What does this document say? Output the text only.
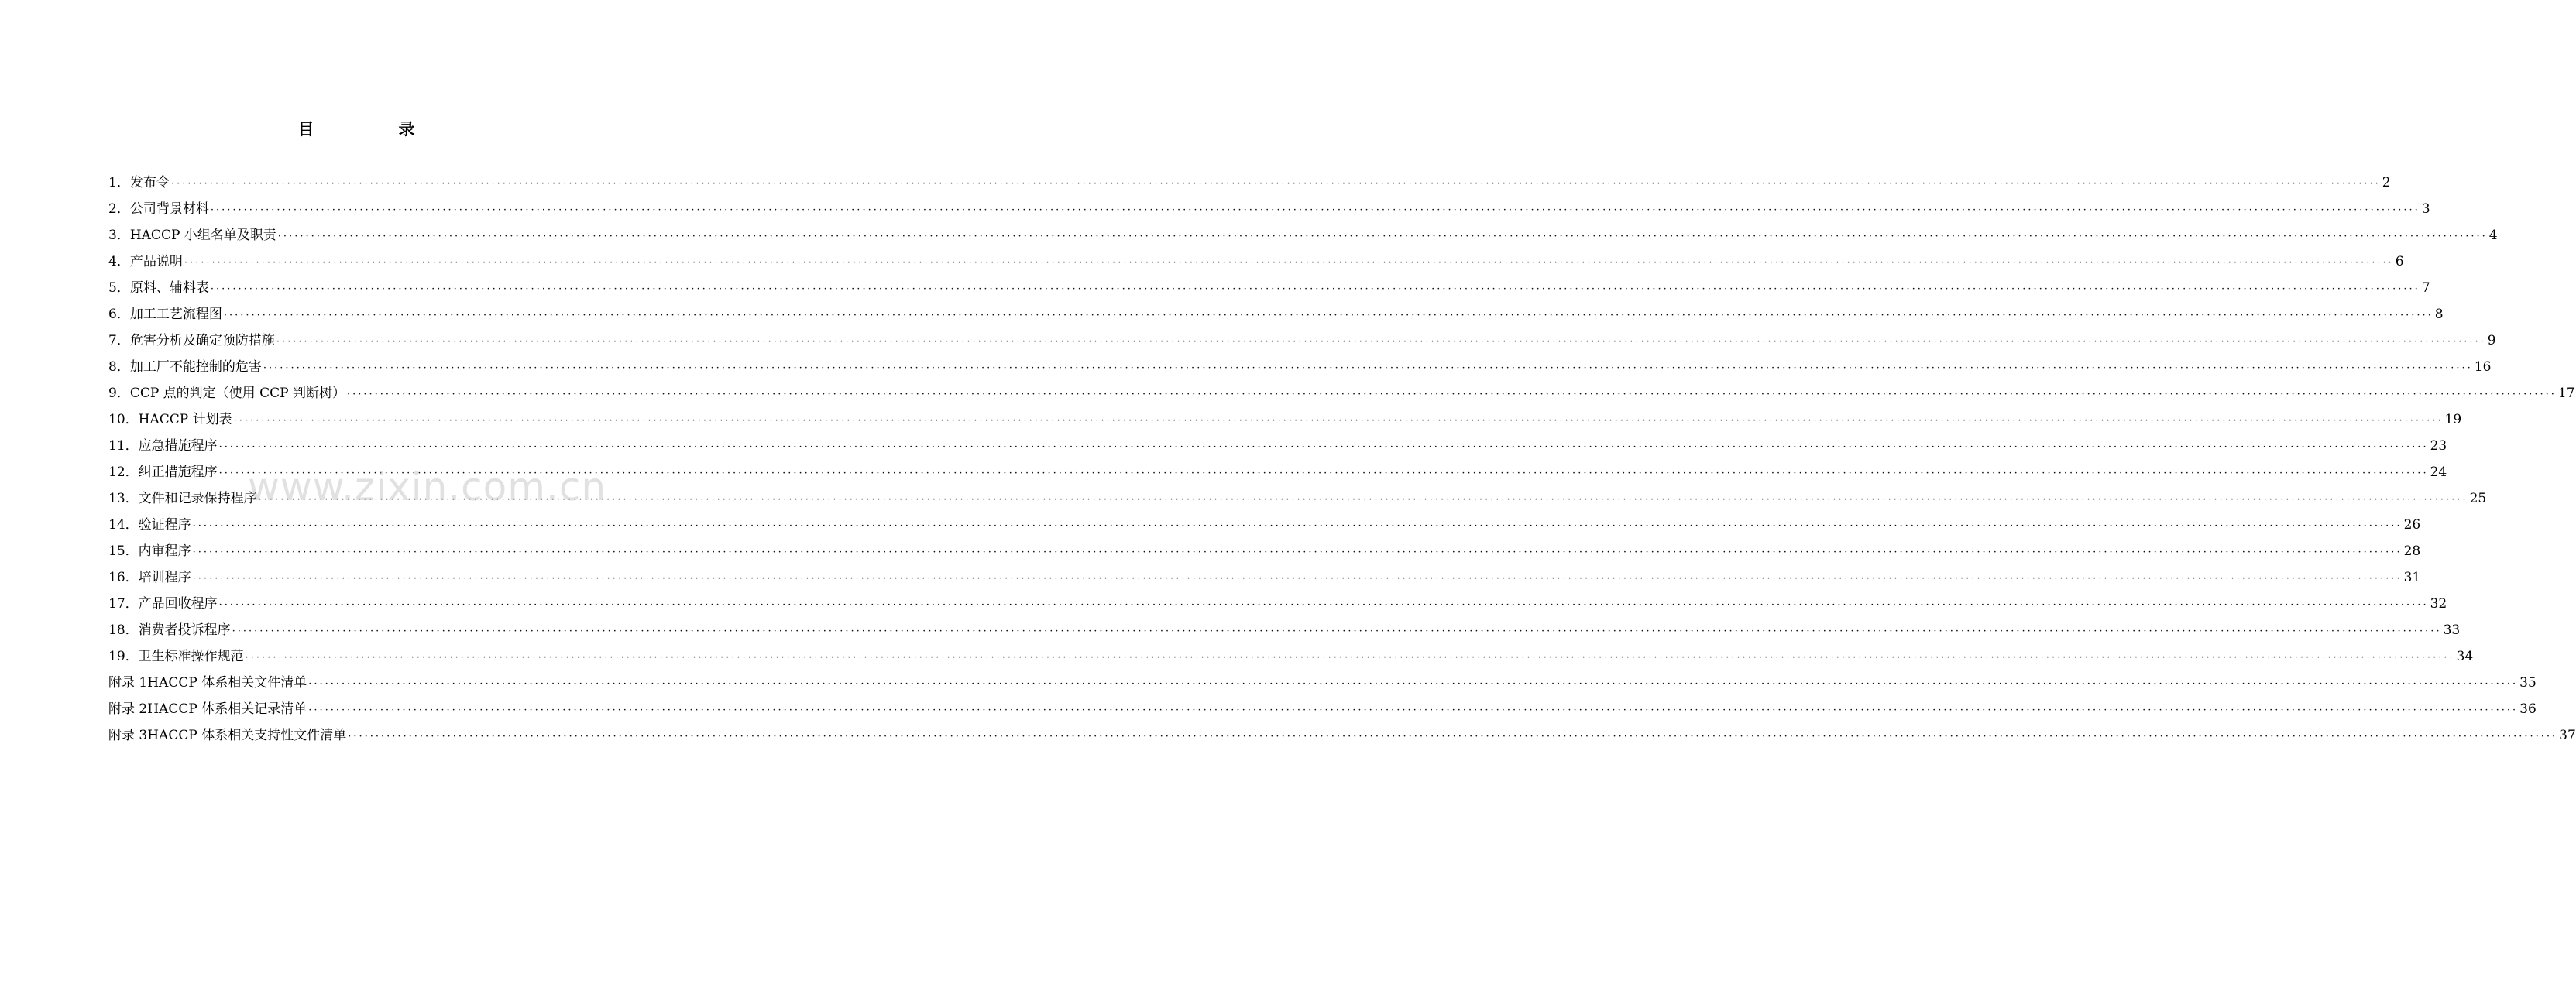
目　录
1． 发布令 ················································································································································································································································································································································································································ 2
2． 公司背景材料 ················································································································································································································································································································································································································ 3
3． HACCP 小组名单及职责 ················································································································································································································································································································································································································ 4
4． 产品说明 ················································································································································································································································································································································································································ 6
5． 原料、辅料表 ················································································································································································································································································································································································································ 7
6． 加工工艺流程图 ················································································································································································································································································································································································································ 8
7． 危害分析及确定预防措施 ················································································································································································································································································································································································································ 9
8． 加工厂不能控制的危害 ················································································································································································································································································································································································································ 16
9． CCP 点的判定（使用 CCP 判断树） ················································································································································································································································································································································································································ 17
10． HACCP 计划表 ················································································································································································································································································································································································································ 19
11． 应急措施程序 ················································································································································································································································································································································································································ 23
12． 纠正措施程序 ················································································································································································································································································································································································································ 24
13． 文件和记录保持程序 ················································································································································································································································································································································································································ 25
14． 验证程序 ················································································································································································································································································································································································································ 26
15． 内审程序 ················································································································································································································································································································································································································ 28
16． 培训程序 ················································································································································································································································································································································································································ 31
17． 产品回收程序 ················································································································································································································································································································································································································ 32
18． 消费者投诉程序 ················································································································································································································································································································································································································ 33
19． 卫生标准操作规范 ················································································································································································································································································································································································································ 34
附录 1 HACCP 体系相关文件清单 ················································································································································································································································································································································································································ 35
附录 2 HACCP 体系相关记录清单 ················································································································································································································································································································································································································ 36
附录 3 HACCP 体系相关支持性文件清单 ················································································································································································································································································································································································································ 37
www.zixin.com.cn
